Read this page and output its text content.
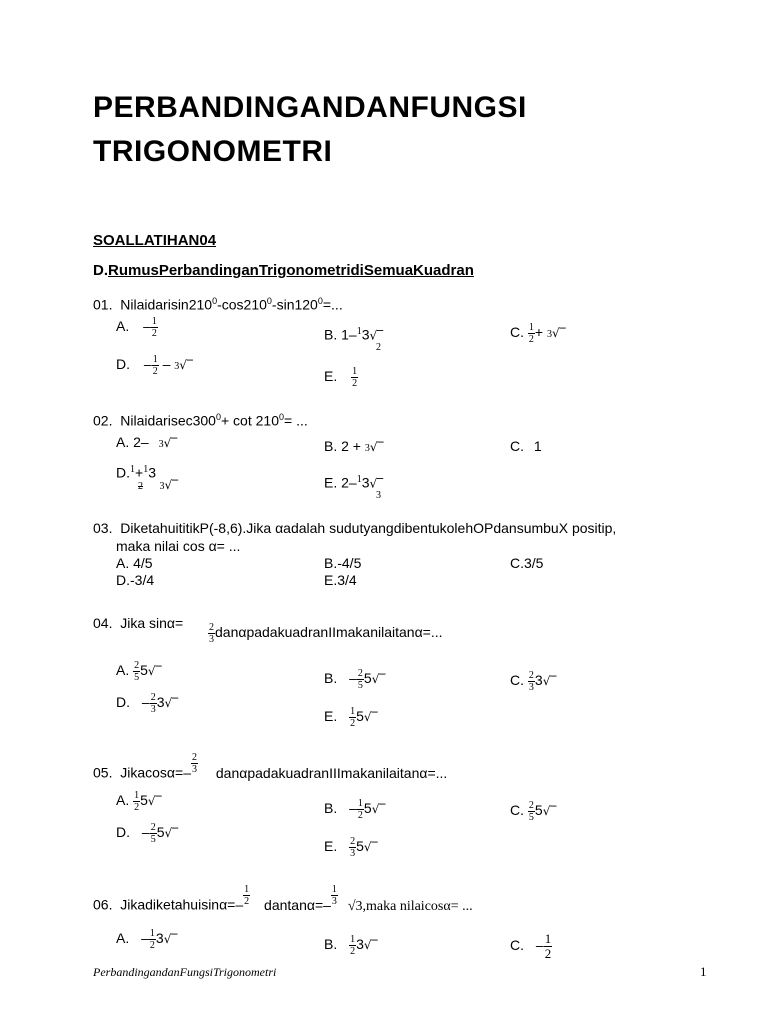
PERBANDINGANDANFUNGSI
TRIGONOMETRI
SOALLATIHAN04
D.RumusPerbandinganTrigonometridiSemuaKuadran
01. $Nilaidarisin210^0-\cos 210^0-\sin 120^0=$...
A. – $\frac{1}{2}$	B. 1–$^1$3√‾
2
C. $\frac{1}{2}$ + 3√‾
D. – $\frac{1}{2}$ – 3√‾
E. $\frac{1}{2}$
02. $Nilaidarisec300^0+ \cot 210^0=$ ...
A. 2– 3√‾	B. 2 + 3√‾	C. 1
D.$^1$+$^1$3
2 3√‾	E. 2–$^1$3√‾
3
03. DiketahuititikP(-8,6).Jika αadalah sudutyangdibentukolehOPdansumbuX positip,
maka nilai cos α= ...
A. 4/5	B.-4/5	C.3/5
D.-3/4	E.3/4
04. Jika $\sin\alpha= \frac{2}{3}$ danαpadakuadranIImakanilaitanα=...
A. $\frac{2}{5}$ 5√‾	B. – $\frac{2}{5}$ 5√‾	C. $\frac{2}{3}$ 3√‾
D. – $\frac{2}{3}$ 3√‾
E. $\frac{1}{2}$ 5√‾
05. Jikacosα=– $\frac{2}{3}$ danαpadakuadranIIImakanilaitanα=...
A. $\frac{1}{2}$ 5√‾	B. – $\frac{1}{2}$ 5√‾	C. $\frac{2}{5}$ 5√‾
D. – $\frac{2}{5}$ 5√‾
E. $\frac{2}{3}$ 5√‾
06. Jikadiketahuisinα=– $\frac{1}{2} dantan\alpha=- \frac{1}{3}$ √3,maka nilaicosα= ...
A. – $\frac{1}{2}$ 3√‾	B. $\frac{1}{2}$ 3√‾	C. – $\frac{1}{2}$
PerbandingandanFungsiTrigonometri	1
